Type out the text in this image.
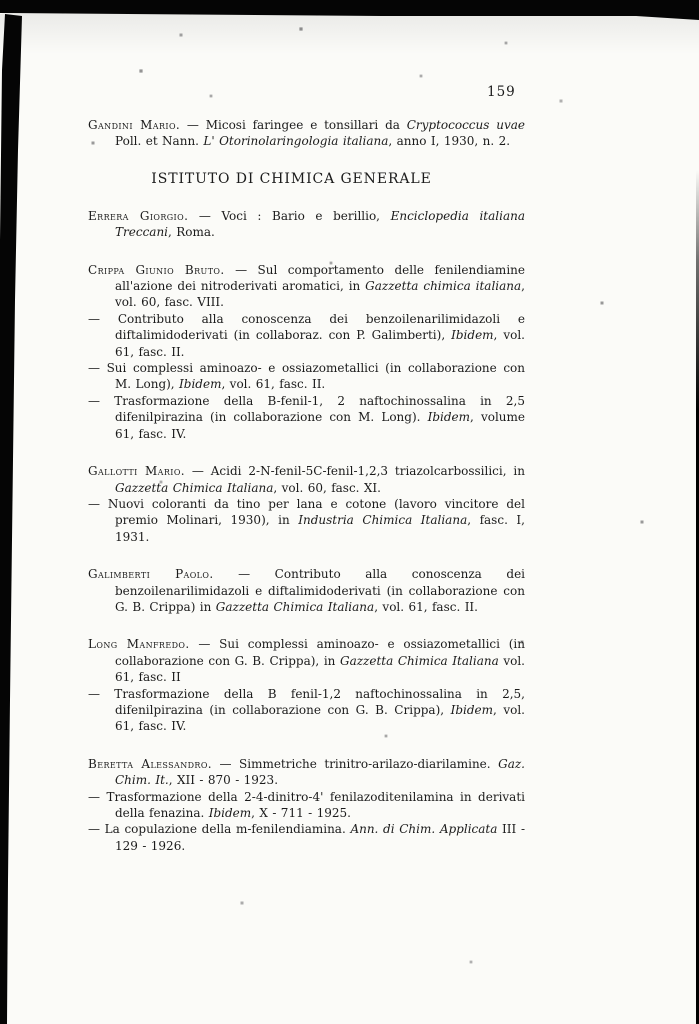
159

Gandini Mario. — Micosi faringee e tonsillari da Cryptococcus uvae Poll. et Nann. L' Otorinolaringologia italiana, anno I, 1930, n. 2.

ISTITUTO DI CHIMICA GENERALE

Errera Giorgio. — Voci : Bario e berillio, Enciclopedia italiana Treccani, Roma.

Crippa Giunio Bruto. — Sul comportamento delle fenilendiamine all'azione dei nitroderivati aromatici, in Gazzetta chimica italiana, vol. 60, fasc. VIII.

— Contributo alla conoscenza dei benzoilenarilimidazoli e diftalimidoderivati (in collaboraz. con P. Galimberti), Ibidem, vol. 61, fasc. II.

— Sui complessi aminoazo- e ossiazometallici (in collaborazione con M. Long), Ibidem, vol. 61, fasc. II.

— Trasformazione della B-fenil-1, 2 naftochinossalina in 2,5 difenilpirazina (in collaborazione con M. Long). Ibidem, volume 61, fasc. IV.

Gallotti Mario. — Acidi 2-N-fenil-5C-fenil-1,2,3 triazolcarbossilici, in Gazzetta Chimica Italiana, vol. 60, fasc. XI.

— Nuovi coloranti da tino per lana e cotone (lavoro vincitore del premio Molinari, 1930), in Industria Chimica Italiana, fasc. I, 1931.

Galimberti Paolo. — Contributo alla conoscenza dei benzoilenarilimidazoli e diftalimidoderivati (in collaborazione con G. B. Crippa) in Gazzetta Chimica Italiana, vol. 61, fasc. II.

Long Manfredo. — Sui complessi aminoazo- e ossiazometallici (in collaborazione con G. B. Crippa), in Gazzetta Chimica Italiana vol. 61, fasc. II

— Trasformazione della B fenil-1,2 naftochinossalina in 2,5, difenilpirazina (in collaborazione con G. B. Crippa), Ibidem, vol. 61, fasc. IV.

Beretta Alessandro. — Simmetriche trinitro-arilazo-diarilamine. Gaz. Chim. It., XII - 870 - 1923.

— Trasformazione della 2-4-dinitro-4' fenilazoditenilamina in derivati della fenazina. Ibidem, X - 711 - 1925.

— La copulazione della m-fenilendiamina. Ann. di Chim. Applicata III - 129 - 1926.
